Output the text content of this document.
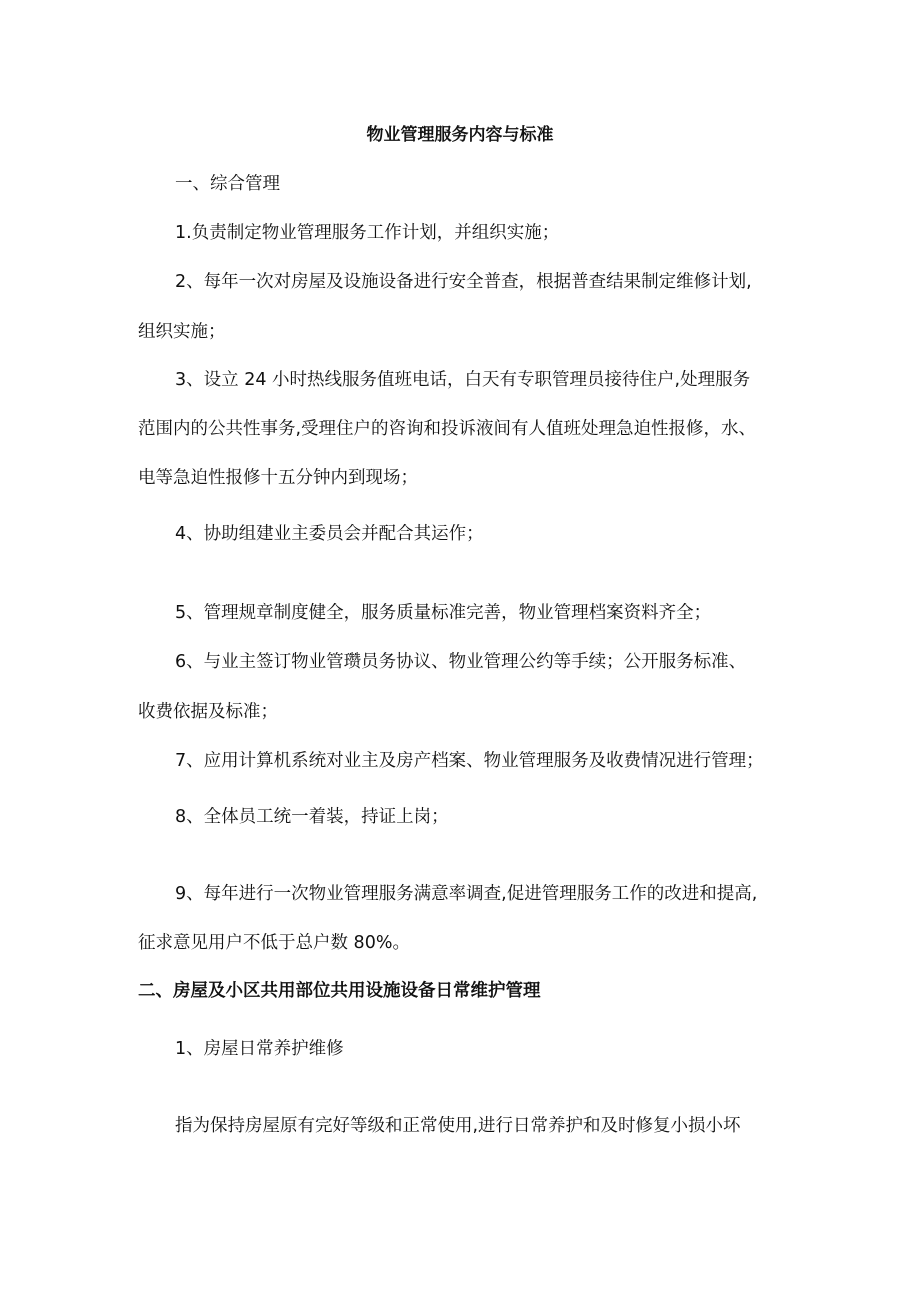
物业管理服务内容与标准
一、综合管理
1.负责制定物业管理服务工作计划，并组织实施；
2、每年一次对房屋及设施设备进行安全普查，根据普查结果制定维修计划,
组织实施；
3、设立 24 小时热线服务值班电话，白天有专职管理员接待住户,处理服务
范围内的公共性事务,受理住户的咨询和投诉液间有人值班处理急迫性报修，水、
电等急迫性报修十五分钟内到现场；
4、协助组建业主委员会并配合其运作；
5、管理规章制度健全，服务质量标准完善，物业管理档案资料齐全；
6、与业主签订物业管瓒员务协议、物业管理公约等手续；公开服务标准、
收费依据及标准；
7、应用计算机系统对业主及房产档案、物业管理服务及收费情况进行管理；
8、全体员工统一着装，持证上岗；
9、每年进行一次物业管理服务满意率调查,促进管理服务工作的改进和提高,
征求意见用户不低于总户数 80%。
二、房屋及小区共用部位共用设施设备日常维护管理
1、房屋日常养护维修
指为保持房屋原有完好等级和正常使用,进行日常养护和及时修复小损小坏
